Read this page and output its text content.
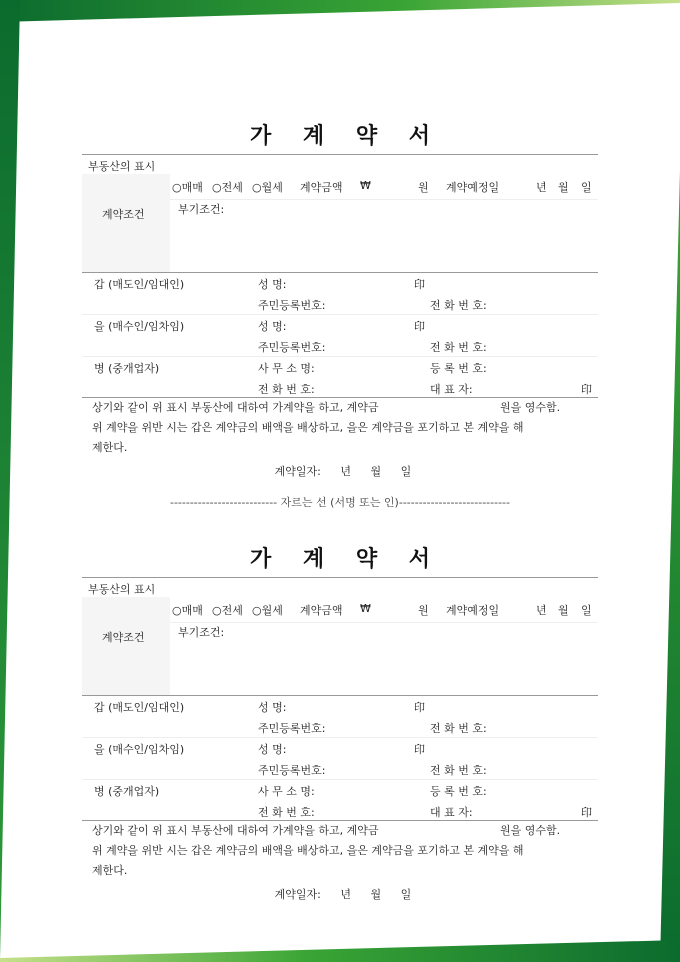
가 계 약 서
부동산의 표시
계약조건
○매매 ○전세 ○월세 계약금액 ₩	원 계약예정일	년 월 일
부기조건:
갑 (매도인/임대인)	성 명:	印
주민등록번호:	전 화 번 호:
을 (매수인/임차임)	성 명:	印
주민등록번호:	전 화 번 호:
병 (중개업자)	사 무 소 명:	등 록 번 호:
전 화 번 호:	대 표 자:	印

상기와 같이 위 표시 부동산에 대하여 가계약을 하고, 계약금	원을 영수함.

위 계약을 위반 시는 갑은 계약금의 배액을 배상하고, 을은 계약금을 포기하고 본 계약을 해

제한다.

계약일자: 년 월 일
--------------------------- 자르는 선 (서명 또는 인)----------------------------
가 계 약 서
부동산의 표시
계약조건
○매매 ○전세 ○월세 계약금액 ₩	원 계약예정일	년 월 일
부기조건:
갑 (매도인/임대인)	성 명:	印
주민등록번호:	전 화 번 호:
을 (매수인/임차임)	성 명:	印
주민등록번호:	전 화 번 호:
병 (중개업자)	사 무 소 명:	등 록 번 호:
전 화 번 호:	대 표 자:	印

상기와 같이 위 표시 부동산에 대하여 가계약을 하고, 계약금	원을 영수함.

위 계약을 위반 시는 갑은 계약금의 배액을 배상하고, 을은 계약금을 포기하고 본 계약을 해

제한다.

계약일자: 년 월 일
